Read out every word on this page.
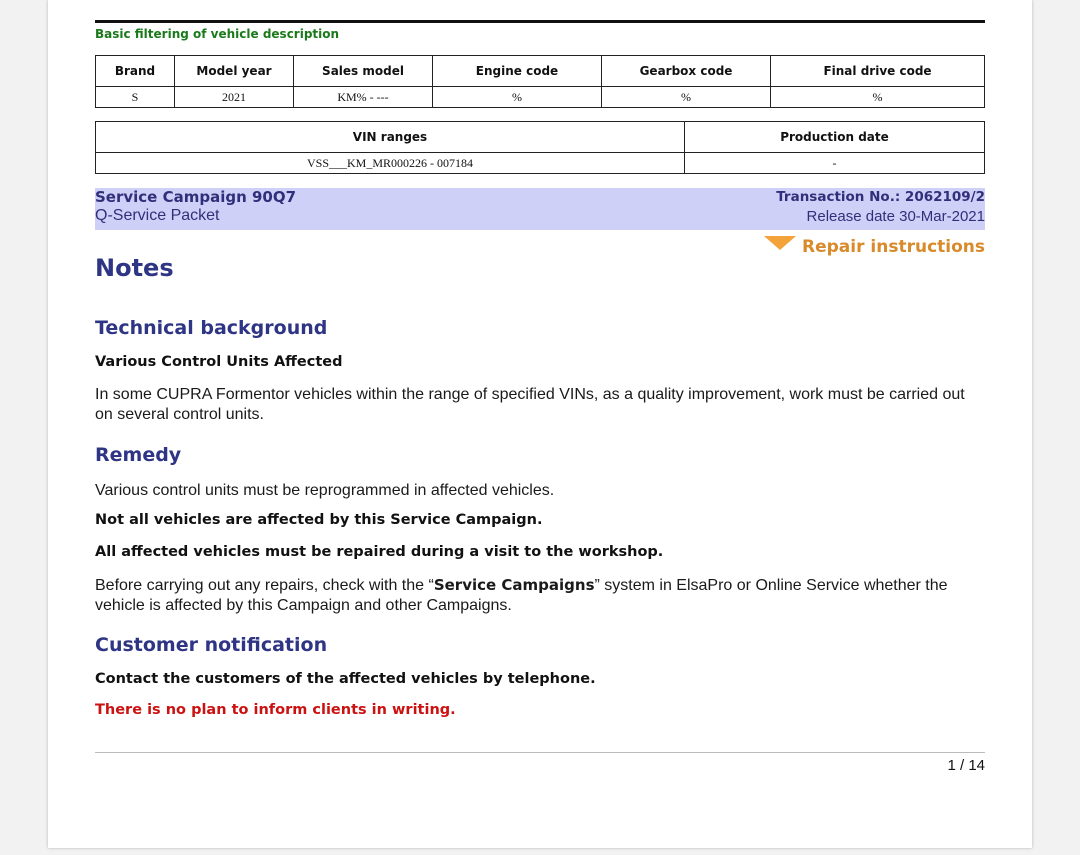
Basic filtering of vehicle description
Brand	Model year	Sales model	Engine code	Gearbox code	Final drive code
S	2021	KM% - ---	%	%	%
VIN ranges	Production date
VSS___KM_MR000226 - 007184	-
Service Campaign 90Q7
Q-Service Packet
Transaction No.: 2062109/2
Release date 30-Mar-2021
Repair instructions
Notes
Technical background
Various Control Units Affected
In some CUPRA Formentor vehicles within the range of specified VINs, as a quality improvement, work must be carried out on several control units.
Remedy
Various control units must be reprogrammed in affected vehicles.
Not all vehicles are affected by this Service Campaign.
All affected vehicles must be repaired during a visit to the workshop.
Before carrying out any repairs, check with the “Service Campaigns” system in ElsaPro or Online Service whether the vehicle is affected by this Campaign and other Campaigns.
Customer notification
Contact the customers of the affected vehicles by telephone.
There is no plan to inform clients in writing.
1 / 14
